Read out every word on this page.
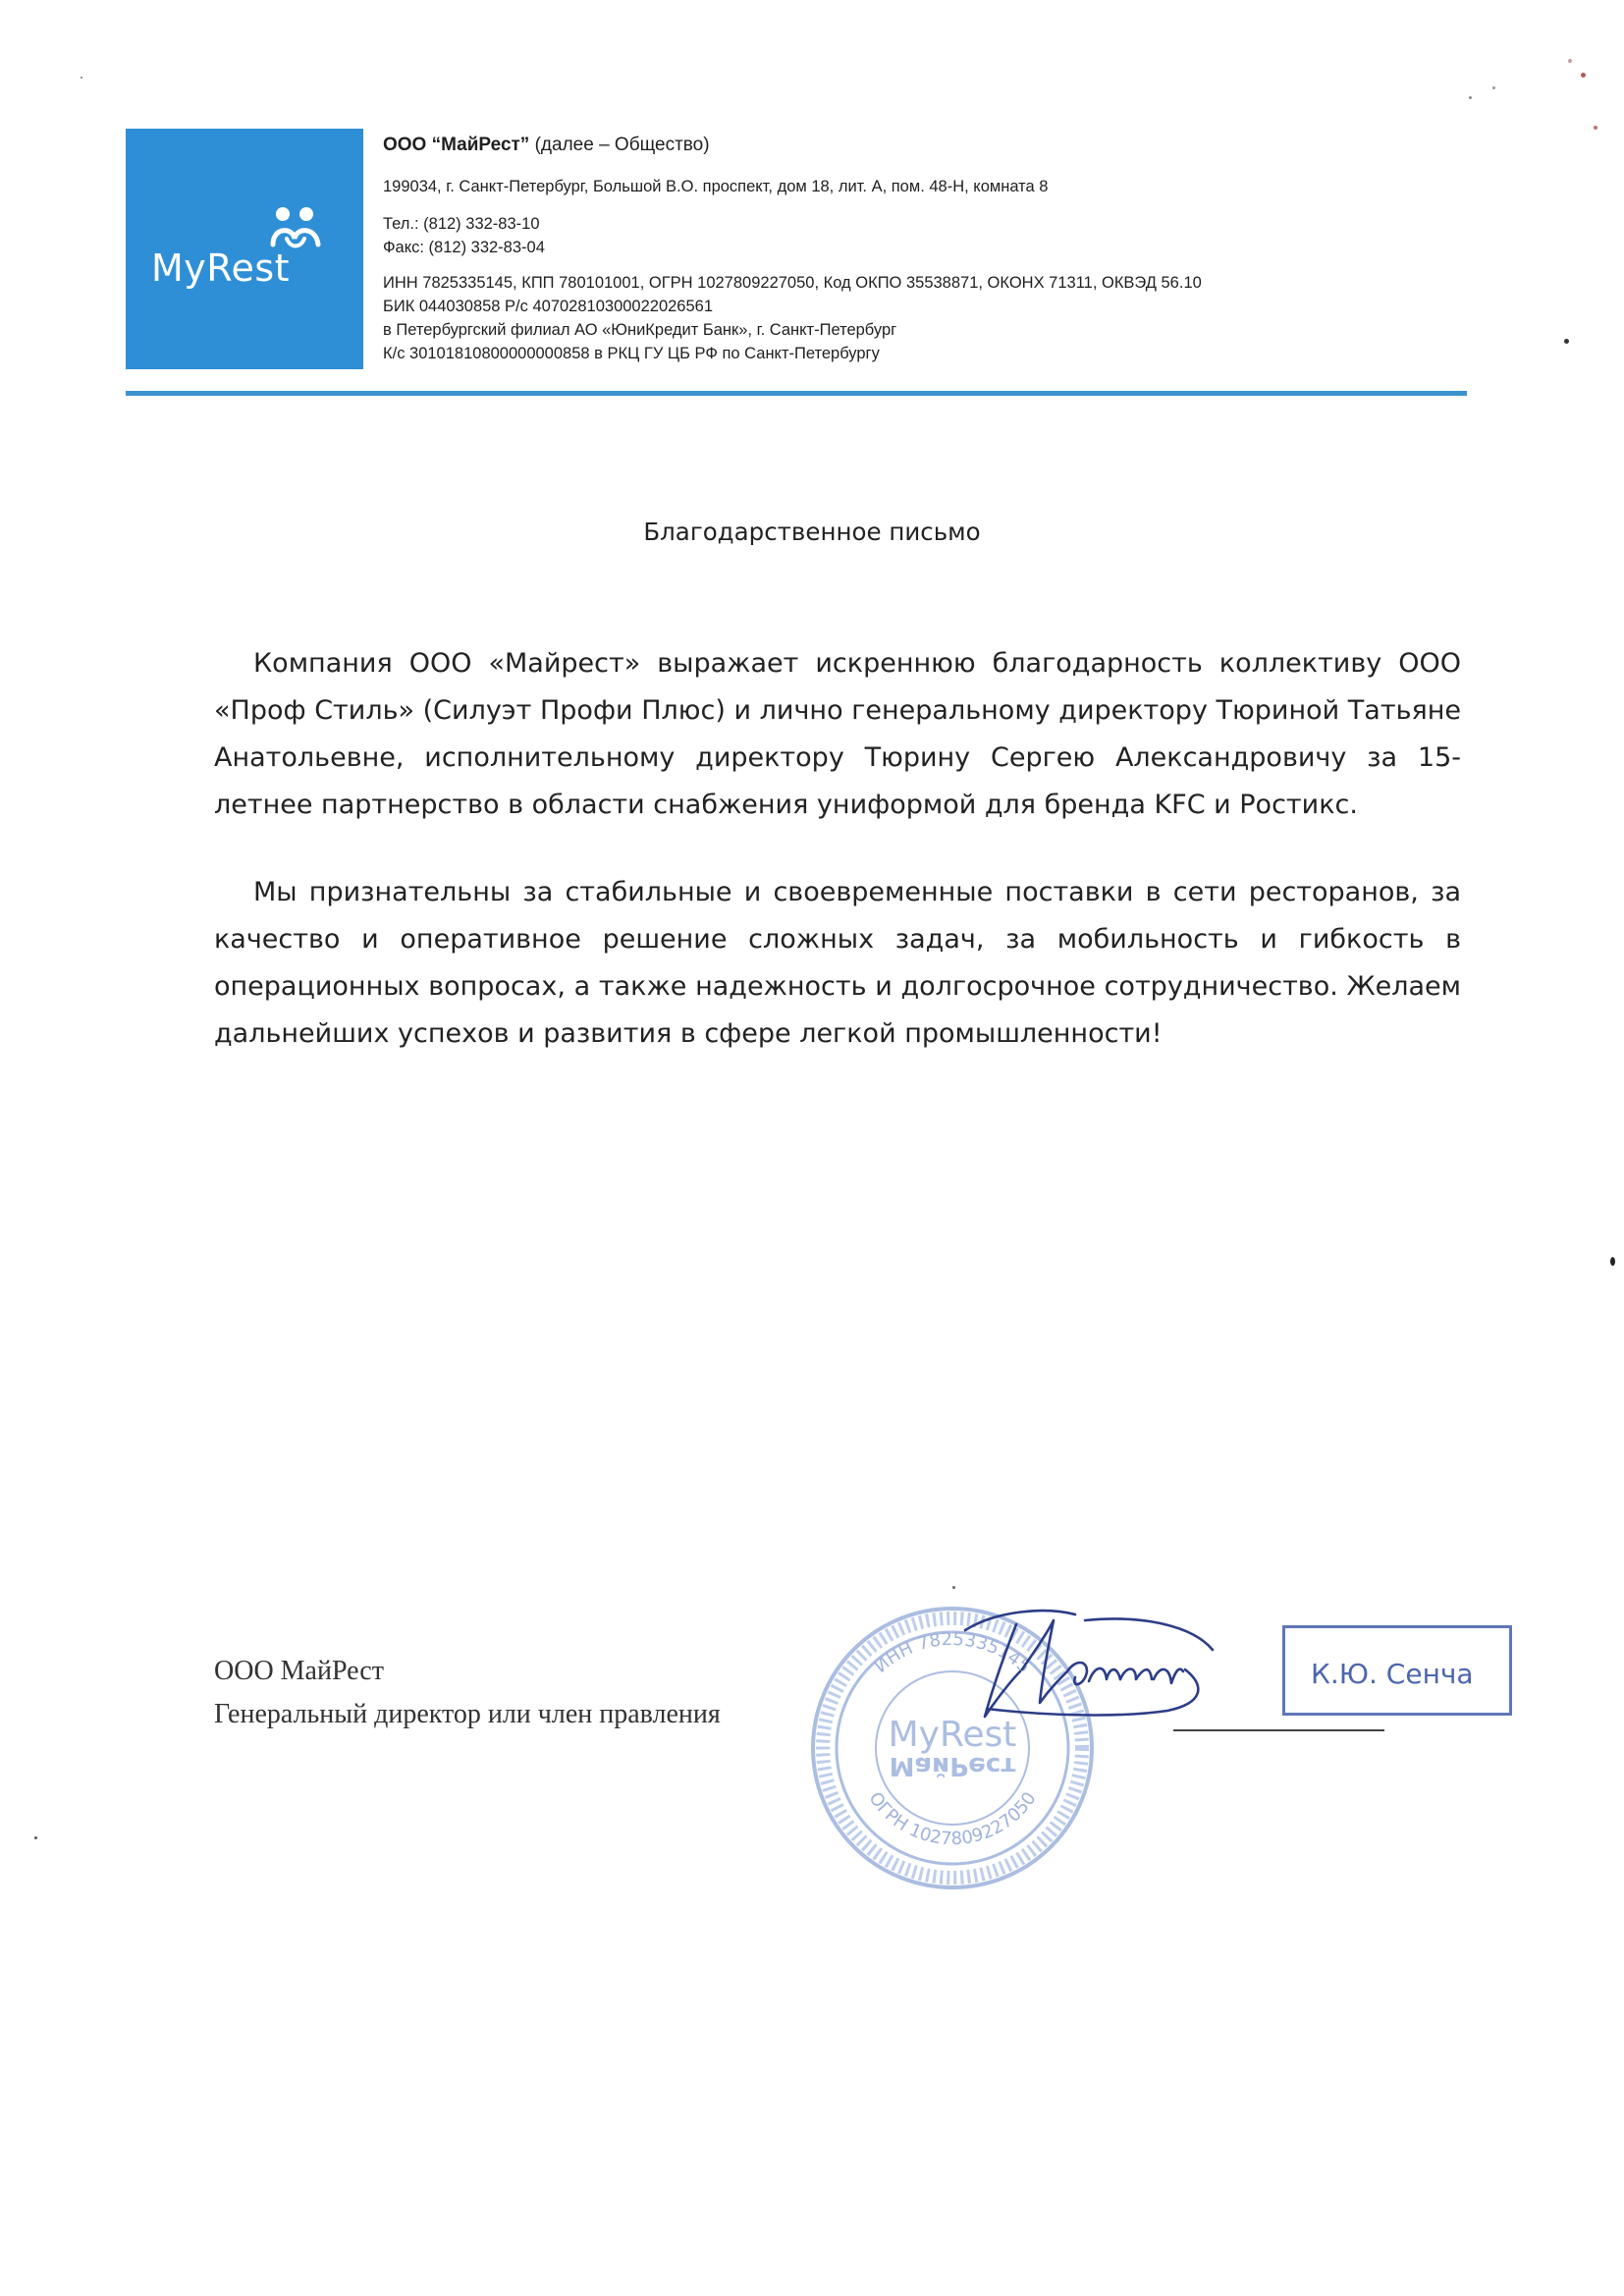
MyRest
ООО “МайРест” (далее – Общество)
199034, г. Санкт-Петербург, Большой В.О. проспект, дом 18, лит. А, пом. 48-Н, комната 8
Тел.: (812) 332-83-10
Факс: (812) 332-83-04
ИНН 7825335145, КПП 780101001, ОГРН 1027809227050, Код ОКПО 35538871, ОКОНХ 71311, ОКВЭД 56.10
БИК 044030858 Р/с 40702810300022026561
в Петербургский филиал АО «ЮниКредит Банк», г. Санкт-Петербург
К/с 30101810800000000858 в РКЦ ГУ ЦБ РФ по Санкт-Петербургу
Благодарственное письмо

Компания ООО «Майрест» выражает искреннюю благодарность коллективу ООО «Проф Стиль» (Силуэт Профи Плюс) и лично генеральному директору Тюриной Татьяне Анатольевне, исполнительному директору Тюрину Сергею Александровичу за 15-летнее партнерство в области снабжения униформой для бренда KFC и Ростикс.

Мы признательны за стабильные и своевременные поставки в сети ресторанов, за качество и оперативное решение сложных задач, за мобильность и гибкость в операционных вопросах, а также надежность и долгосрочное сотрудничество. Желаем дальнейших успехов и развития в сфере легкой промышленности!

ИНН 7825335145
ОГРН 1027809227050
MyRest
МайРест
ООО МайРест
Генеральный директор или член правления
К.Ю. Сенча
